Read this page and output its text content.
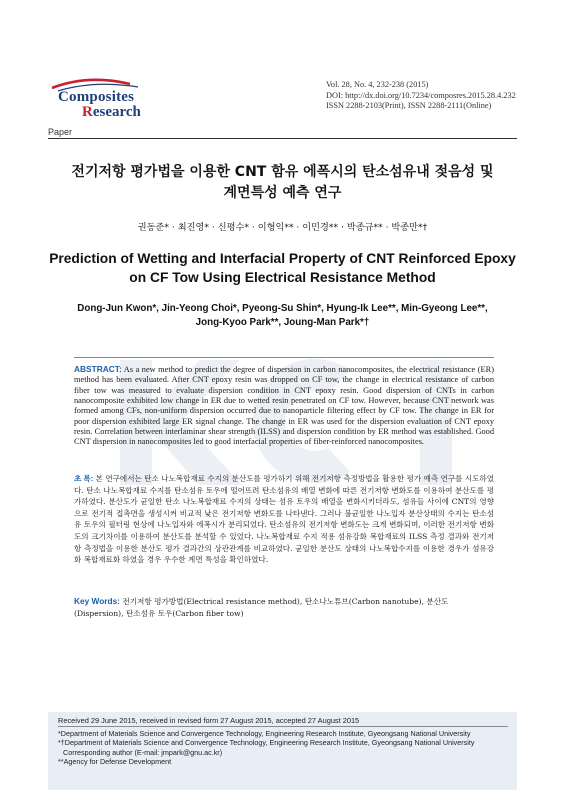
Composites
Research
Vol. 28, No. 4, 232-238 (2015)
DOI: http://dx.doi.org/10.7234/composres.2015.28.4.232
ISSN 2288-2103(Print), ISSN 2288-2111(Online)
Paper
전기저항 평가법을 이용한 CNT 함유 에폭시의 탄소섬유내 젖음성 및
계면특성 예측 연구
권동준* · 최진영* · 신평수* · 이형익** · 이민경** · 박종규** · 박종만*†
Prediction of Wetting and Interfacial Property of CNT Reinforced Epoxy
on CF Tow Using Electrical Resistance Method
Dong-Jun Kwon*, Jin-Yeong Choi*, Pyeong-Su Shin*, Hyung-Ik Lee**, Min-Gyeong Lee**,
Jong-Kyoo Park**, Joung-Man Park*†
ABSTRACT: As a new method to predict the degree of dispersion in carbon nanocomposites, the electrical resistance (ER) method has been evaluated. After CNT epoxy resin was dropped on CF tow, the change in electrical resistance of carbon fiber tow was measured to evaluate dispersion condition in CNT epoxy resin. Good dispersion of CNTs in carbon nanocomposite exhibited low change in ER due to wetted resin penetrated on CF tow. However, because CNT network was formed among CFs, non-uniform dispersion occurred due to nanoparticle filtering effect by CF tow. The change in ER for poor dispersion exhibited large ER signal change. The change in ER was used for the dispersion evaluation of CNT epoxy resin. Correlation between interlaminar shear strength (ILSS) and dispersion condition by ER method was established. Good CNT dispersion in nanocomposites led to good interfacial properties of fiber-reinforced nanocomposites.
초 록: 본 연구에서는 탄소 나노복합재료 수지의 분산도를 평가하기 위해 전기저항 측정방법을 활용한 평가 예측 연구를 시도하였다. 탄소 나노복합재료 수지를 탄소섬유 토우에 떨어뜨려 탄소섬유의 배열 변화에 따른 전기저항 변화도를 이용하여 분산도를 평가하였다. 분산도가 균일한 탄소 나노복합재료 수지의 상태는 섬유 토우의 배열을 변화시키더라도, 섬유들 사이에 CNT의 영향으로 전기적 접촉면을 생성시켜 비교적 낮은 전기저항 변화도를 나타낸다. 그러나 불균일한 나노입자 분산상태의 수지는 탄소섬유 토우의 필터링 현상에 나노입자와 에폭시가 분리되었다. 탄소섬유의 전기저항 변화도는 크게 변화되며, 이러한 전기저항 변화도의 크기차이를 이용하여 분산도를 분석할 수 있었다. 나노복합재료 수지 적용 섬유강화 복합재료의 ILSS 측정 결과와 전기저항 측정법을 이용한 분산도 평가 결과간의 상관관계를 비교하였다. 균일한 분산도 상태의 나노복합수지를 이용한 경우가 섬유강화 복합재료화 하였을 경우 우수한 계면 특성을 확인하였다.
Key Words: 전기저항 평가방법(Electrical resistance method), 탄소나노튜브(Carbon nanotube), 분산도(Dispersion), 탄소섬유 토우(Carbon fiber tow)
Received 29 June 2015, received in revised form 27 August 2015, accepted 27 August 2015
*Department of Materials Science and Convergence Technology, Engineering Research Institute, Gyeongsang National University
*†Department of Materials Science and Convergence Technology, Engineering Research Institute, Gyeongsang National University
Corresponding author (E-mail: jmpark@gnu.ac.kr)
**Agency for Defense Development
